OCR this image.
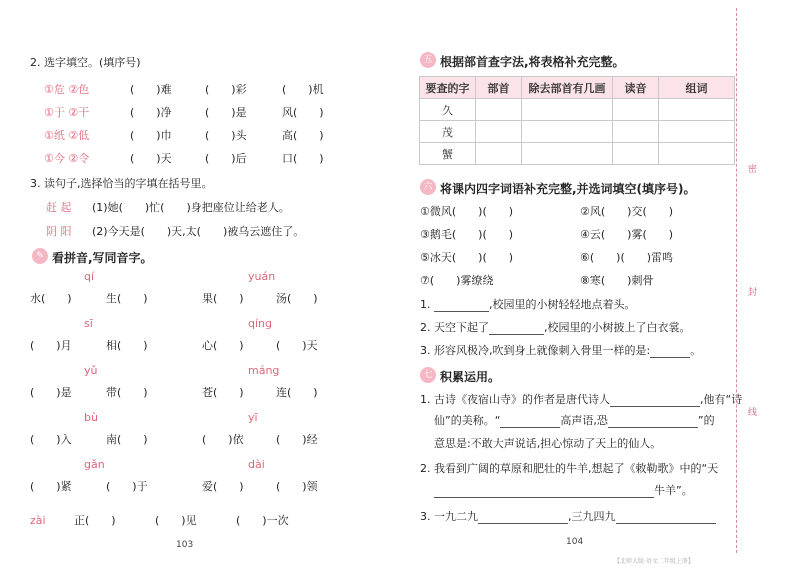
2. 选字填空。(填序号)
①危 ②色	(　　)难	(　　)彩	(　　)机
①于 ②干	(　　)净	(　　)是	风(　　)
①纸 ②低	(　　)巾	(　　)头	高(　　)
①今 ②令	(　　)天	(　　)后	口(　　)
3. 读句子,选择恰当的字填在括号里。
赶 起 (1)她(　　)忙(　　)身把座位让给老人。
阴 阳 (2)今天是(　　)天,太(　　)被乌云遮住了。
✎ 看拼音,写同音字。
qí	yuán
水(　　)	生(　　)	果(　　)	汤(　　)
sī	qíng
(　　)月	相(　　)	心(　　)	(　　)天
yǔ	máng
(　　)是	带(　　)	苍(　　)	连(　　)
bù	yī
(　　)入	南(　　)	(　　)依	(　　)经
gǎn	dài
(　　)紧	(　　)于	爱(　　)	(　　)领
zài	正(　　)	(　　)见	(　　)一次
103
五 根据部首查字法,将表格补充完整。
要查的字	部首	除去部首有几画	读音	组词
久				
茂				
蟹				
六 将课内四字词语补充完整,并选词填空(填序号)。
①微风(　　)(　　)	②风(　　)交(　　)
③鹅毛(　　)(　　)	④云(　　)雾(　　)
⑤冰天(　　)(　　)	⑥(　　)(　　)雷鸣
⑦(　　)雾缭绕	⑧寒(　　)刺骨
1.	,校园里的小树轻轻地点着头。
2. 天空下起了	,校园里的小树披上了白衣裳。
3. 形容风极冷,吹到身上就像刺入骨里一样的是:	。
七 积累运用。
1. 古诗《夜宿山寺》的作者是唐代诗人	,他有“诗
仙”的美称。“	高声语,恐	”的
意思是:不敢大声说话,担心惊动了天上的仙人。
2. 我看到广阔的草原和肥壮的牛羊,想起了《敕勒歌》中的“天
牛羊”。
3. 一九二九	,三九四九
104
【北师大版·语文二年级上册】
密
封
线
